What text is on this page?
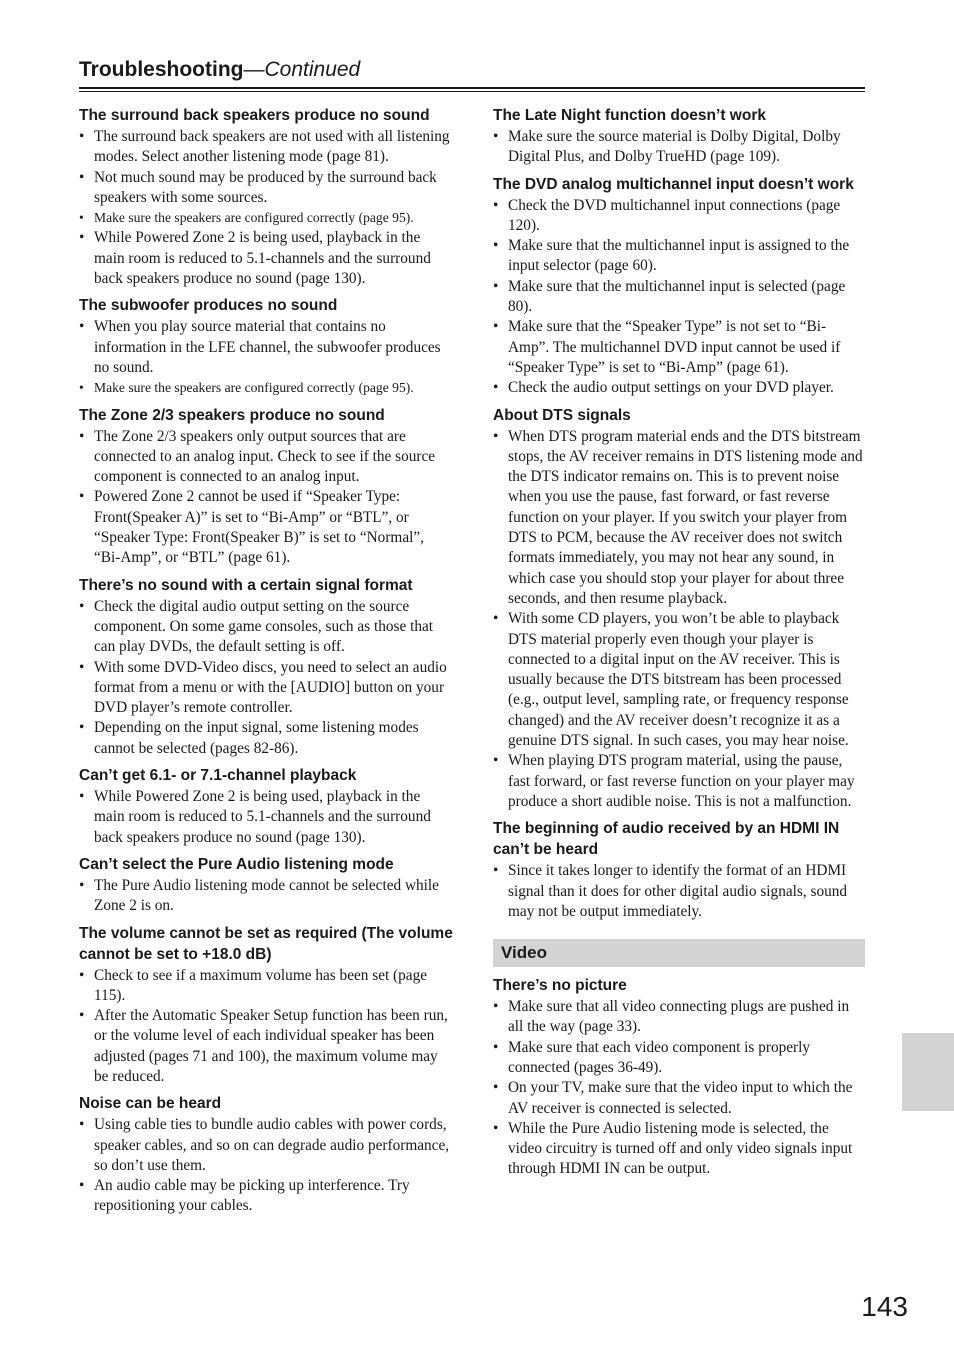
Troubleshooting—Continued
The surround back speakers produce no sound
• The surround back speakers are not used with all listening modes. Select another listening mode (page 81).
• Not much sound may be produced by the surround back speakers with some sources.
• Make sure the speakers are configured correctly (page 95).
• While Powered Zone 2 is being used, playback in the main room is reduced to 5.1-channels and the surround back speakers produce no sound (page 130).
The subwoofer produces no sound
• When you play source material that contains no information in the LFE channel, the subwoofer produces no sound.
• Make sure the speakers are configured correctly (page 95).
The Zone 2/3 speakers produce no sound
• The Zone 2/3 speakers only output sources that are connected to an analog input. Check to see if the source component is connected to an analog input.
• Powered Zone 2 cannot be used if “Speaker Type: Front(Speaker A)” is set to “Bi-Amp” or “BTL”, or “Speaker Type: Front(Speaker B)” is set to “Normal”, “Bi-Amp”, or “BTL” (page 61).
There’s no sound with a certain signal format
• Check the digital audio output setting on the source component. On some game consoles, such as those that can play DVDs, the default setting is off.
• With some DVD-Video discs, you need to select an audio format from a menu or with the [AUDIO] button on your DVD player’s remote controller.
• Depending on the input signal, some listening modes cannot be selected (pages 82-86).
Can’t get 6.1- or 7.1-channel playback
• While Powered Zone 2 is being used, playback in the main room is reduced to 5.1-channels and the surround back speakers produce no sound (page 130).
Can’t select the Pure Audio listening mode
• The Pure Audio listening mode cannot be selected while Zone 2 is on.
The volume cannot be set as required (The volume cannot be set to +18.0 dB)
• Check to see if a maximum volume has been set (page 115).
• After the Automatic Speaker Setup function has been run, or the volume level of each individual speaker has been adjusted (pages 71 and 100), the maximum volume may be reduced.
Noise can be heard
• Using cable ties to bundle audio cables with power cords, speaker cables, and so on can degrade audio performance, so don’t use them.
• An audio cable may be picking up interference. Try repositioning your cables.
The Late Night function doesn’t work
• Make sure the source material is Dolby Digital, Dolby Digital Plus, and Dolby TrueHD (page 109).
The DVD analog multichannel input doesn’t work
• Check the DVD multichannel input connections (page 120).
• Make sure that the multichannel input is assigned to the input selector (page 60).
• Make sure that the multichannel input is selected (page 80).
• Make sure that the “Speaker Type” is not set to “Bi-Amp”. The multichannel DVD input cannot be used if “Speaker Type” is set to “Bi-Amp” (page 61).
• Check the audio output settings on your DVD player.
About DTS signals
• When DTS program material ends and the DTS bitstream stops, the AV receiver remains in DTS listening mode and the DTS indicator remains on. This is to prevent noise when you use the pause, fast forward, or fast reverse function on your player. If you switch your player from DTS to PCM, because the AV receiver does not switch formats immediately, you may not hear any sound, in which case you should stop your player for about three seconds, and then resume playback.
• With some CD players, you won’t be able to playback DTS material properly even though your player is connected to a digital input on the AV receiver. This is usually because the DTS bitstream has been processed (e.g., output level, sampling rate, or frequency response changed) and the AV receiver doesn’t recognize it as a genuine DTS signal. In such cases, you may hear noise.
• When playing DTS program material, using the pause, fast forward, or fast reverse function on your player may produce a short audible noise. This is not a malfunction.
The beginning of audio received by an HDMI IN can’t be heard
• Since it takes longer to identify the format of an HDMI signal than it does for other digital audio signals, sound may not be output immediately.
Video
There’s no picture
• Make sure that all video connecting plugs are pushed in all the way (page 33).
• Make sure that each video component is properly connected (pages 36-49).
• On your TV, make sure that the video input to which the AV receiver is connected is selected.
• While the Pure Audio listening mode is selected, the video circuitry is turned off and only video signals input through HDMI IN can be output.
143
